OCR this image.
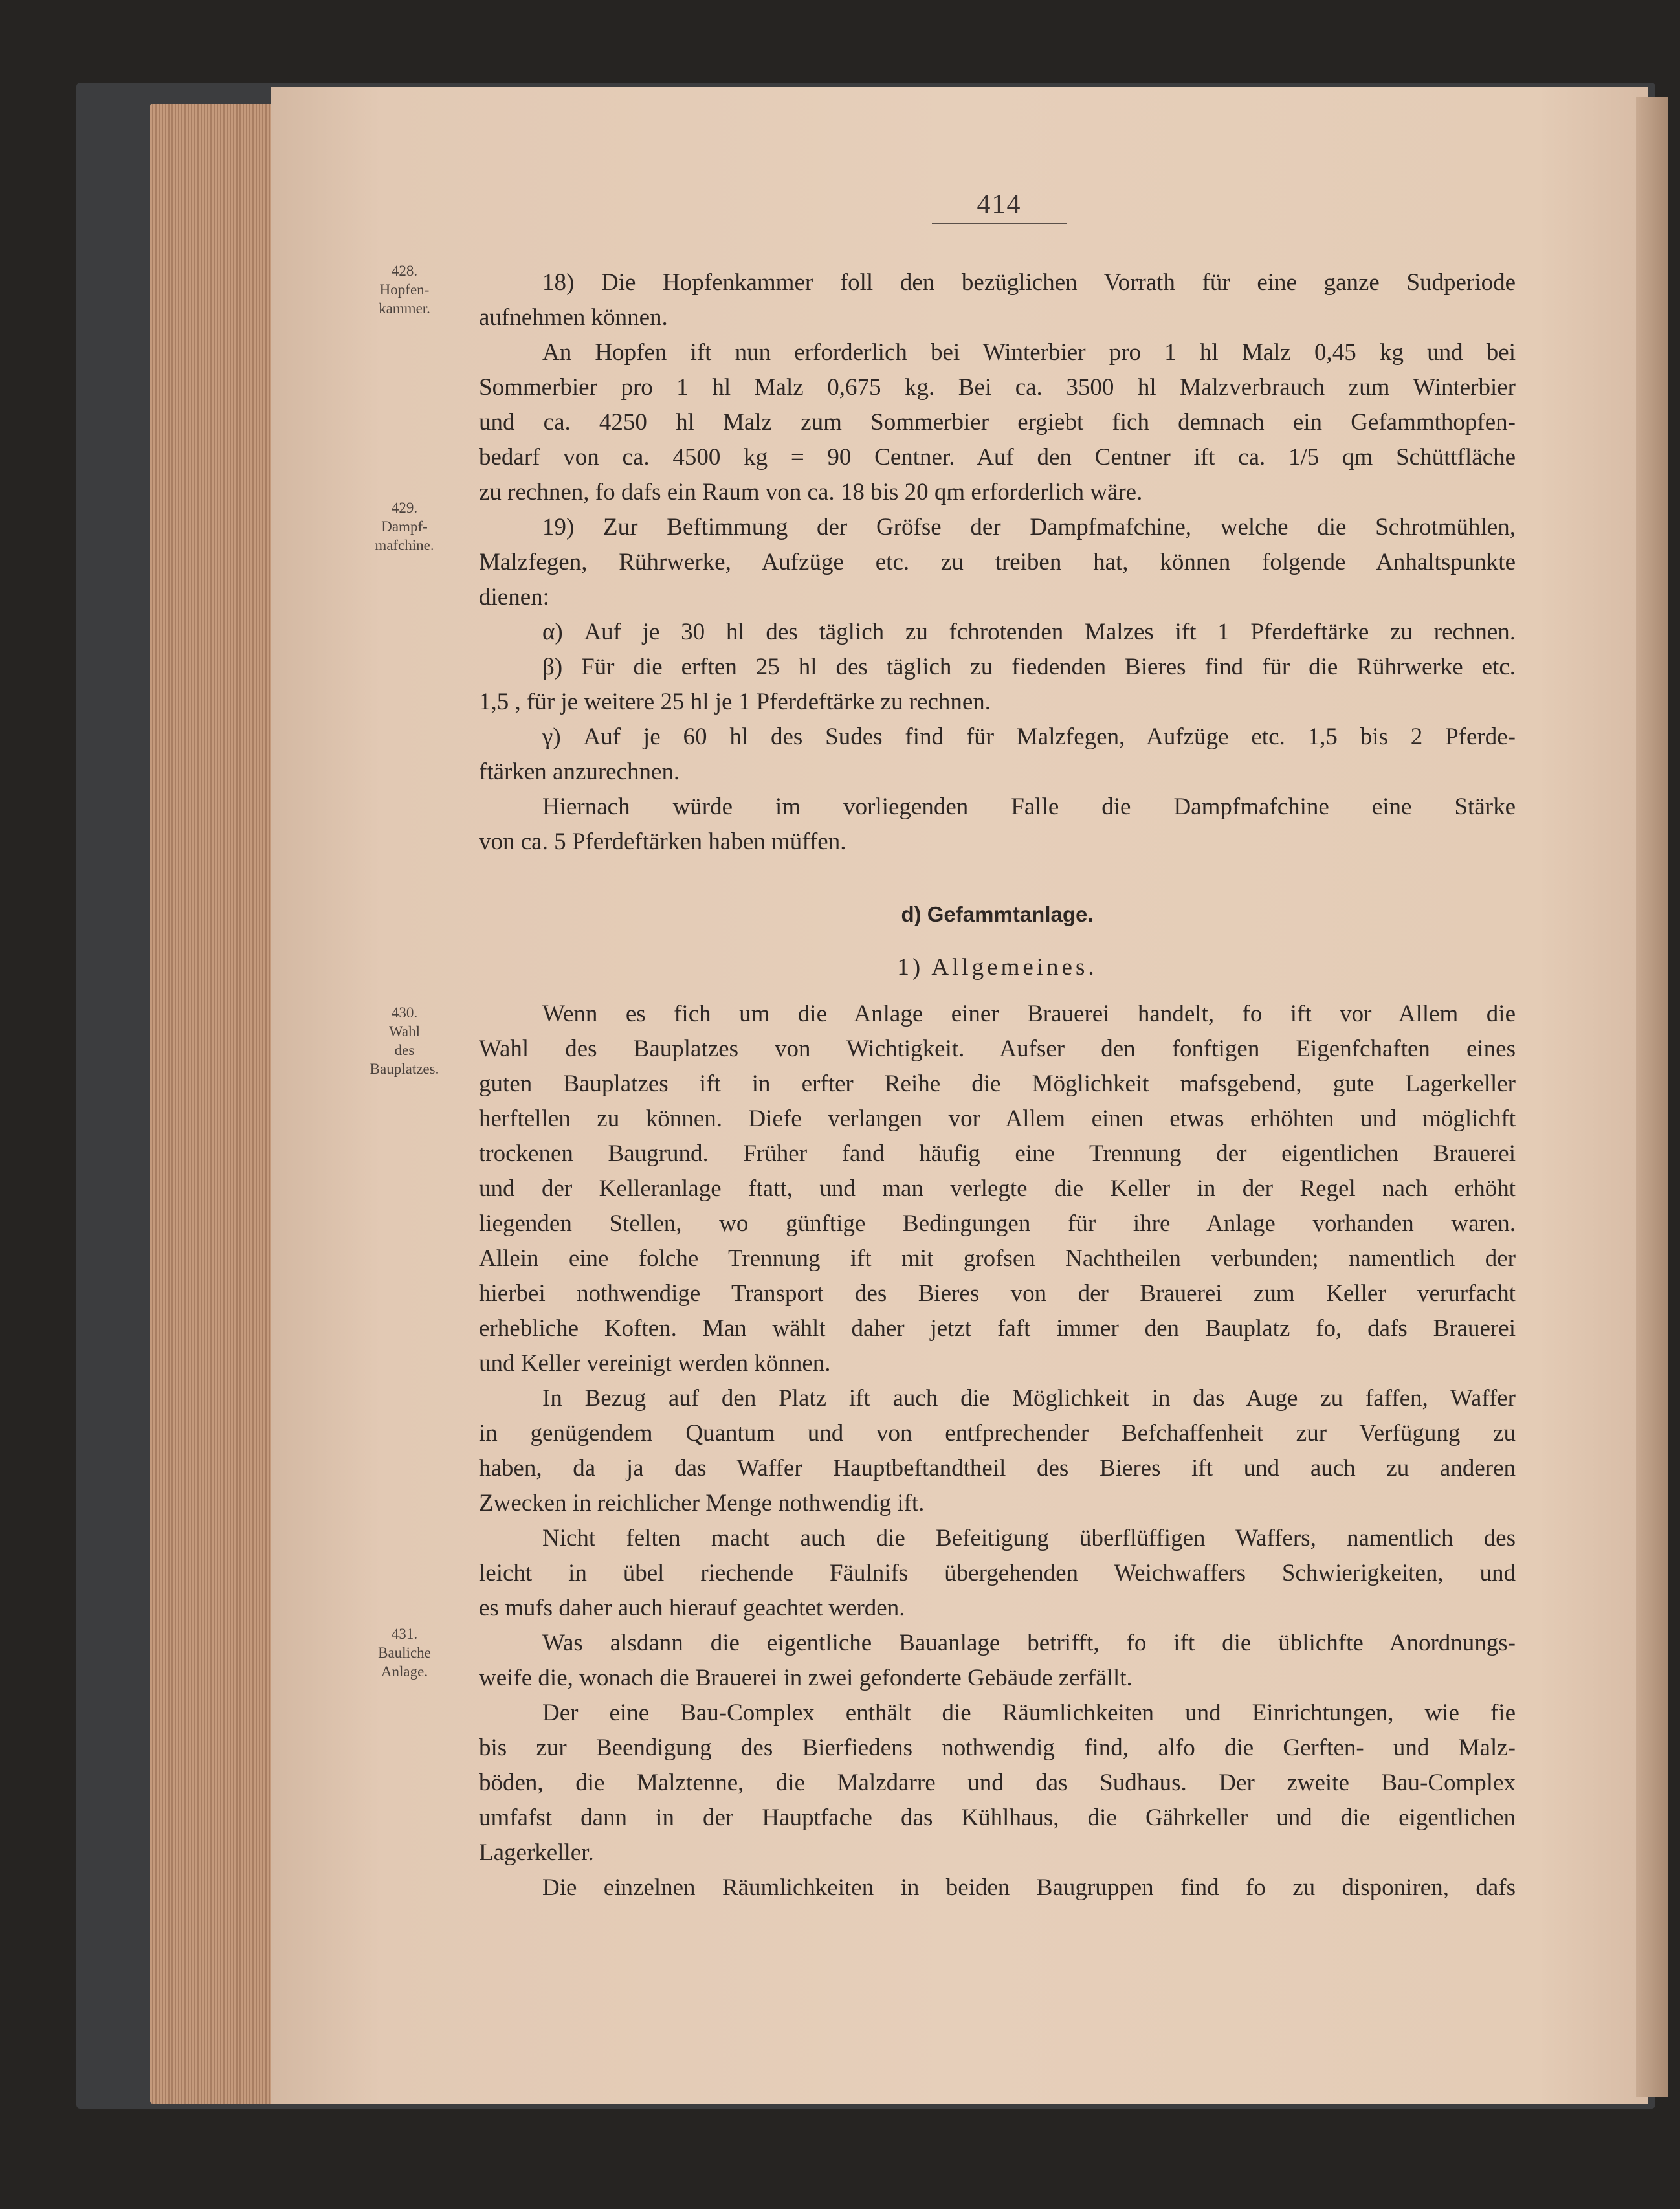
414
428.
Hopfen-
kammer.
429.
Dampf-
mafchine.
430.
Wahl
des
Bauplatzes.
431.
Bauliche
Anlage.
18) Die Hopfenkammer foll den bezüglichen Vorrath für eine ganze Sudperiode
aufnehmen können.
An Hopfen ift nun erforderlich bei Winterbier pro 1 hl Malz 0,45 kg und bei
Sommerbier pro 1 hl Malz 0,675 kg. Bei ca. 3500 hl Malzverbrauch zum Winterbier
und ca. 4250 hl Malz zum Sommerbier ergiebt fich demnach ein Gefammthopfen-
bedarf von ca. 4500 kg = 90 Centner. Auf den Centner ift ca. 1/5 qm Schüttfläche
zu rechnen, fo dafs ein Raum von ca. 18 bis 20 qm erforderlich wäre.
19) Zur Beftimmung der Gröfse der Dampfmafchine, welche die Schrotmühlen,
Malzfegen, Rührwerke, Aufzüge etc. zu treiben hat, können folgende Anhaltspunkte
dienen:
α) Auf je 30 hl des täglich zu fchrotenden Malzes ift 1 Pferdeftärke zu rechnen.
β) Für die erften 25 hl des täglich zu fiedenden Bieres find für die Rührwerke etc.
1,5 , für je weitere 25 hl je 1 Pferdeftärke zu rechnen.
γ) Auf je 60 hl des Sudes find für Malzfegen, Aufzüge etc. 1,5 bis 2 Pferde-
ftärken anzurechnen.
Hiernach würde im vorliegenden Falle die Dampfmafchine eine Stärke
von ca. 5 Pferdeftärken haben müffen.
d) Gefammtanlage.
1) Allgemeines.
Wenn es fich um die Anlage einer Brauerei handelt, fo ift vor Allem die
Wahl des Bauplatzes von Wichtigkeit. Aufser den fonftigen Eigenfchaften eines
guten Bauplatzes ift in erfter Reihe die Möglichkeit mafsgebend, gute Lagerkeller
herftellen zu können. Diefe verlangen vor Allem einen etwas erhöhten und möglichft
trockenen Baugrund. Früher fand häufig eine Trennung der eigentlichen Brauerei
und der Kelleranlage ftatt, und man verlegte die Keller in der Regel nach erhöht
liegenden Stellen, wo günftige Bedingungen für ihre Anlage vorhanden waren.
Allein eine folche Trennung ift mit grofsen Nachtheilen verbunden; namentlich der
hierbei nothwendige Transport des Bieres von der Brauerei zum Keller verurfacht
erhebliche Koften. Man wählt daher jetzt faft immer den Bauplatz fo, dafs Brauerei
und Keller vereinigt werden können.
In Bezug auf den Platz ift auch die Möglichkeit in das Auge zu faffen, Waffer
in genügendem Quantum und von entfprechender Befchaffenheit zur Verfügung zu
haben, da ja das Waffer Hauptbeftandtheil des Bieres ift und auch zu anderen
Zwecken in reichlicher Menge nothwendig ift.
Nicht felten macht auch die Befeitigung überflüffigen Waffers, namentlich des
leicht in übel riechende Fäulnifs übergehenden Weichwaffers Schwierigkeiten, und
es mufs daher auch hierauf geachtet werden.
Was alsdann die eigentliche Bauanlage betrifft, fo ift die üblichfte Anordnungs-
weife die, wonach die Brauerei in zwei gefonderte Gebäude zerfällt.
Der eine Bau-Complex enthält die Räumlichkeiten und Einrichtungen, wie fie
bis zur Beendigung des Bierfiedens nothwendig find, alfo die Gerften- und Malz-
böden, die Malztenne, die Malzdarre und das Sudhaus. Der zweite Bau-Complex
umfafst dann in der Hauptfache das Kühlhaus, die Gährkeller und die eigentlichen
Lagerkeller.
Die einzelnen Räumlichkeiten in beiden Baugruppen find fo zu disponiren, dafs
